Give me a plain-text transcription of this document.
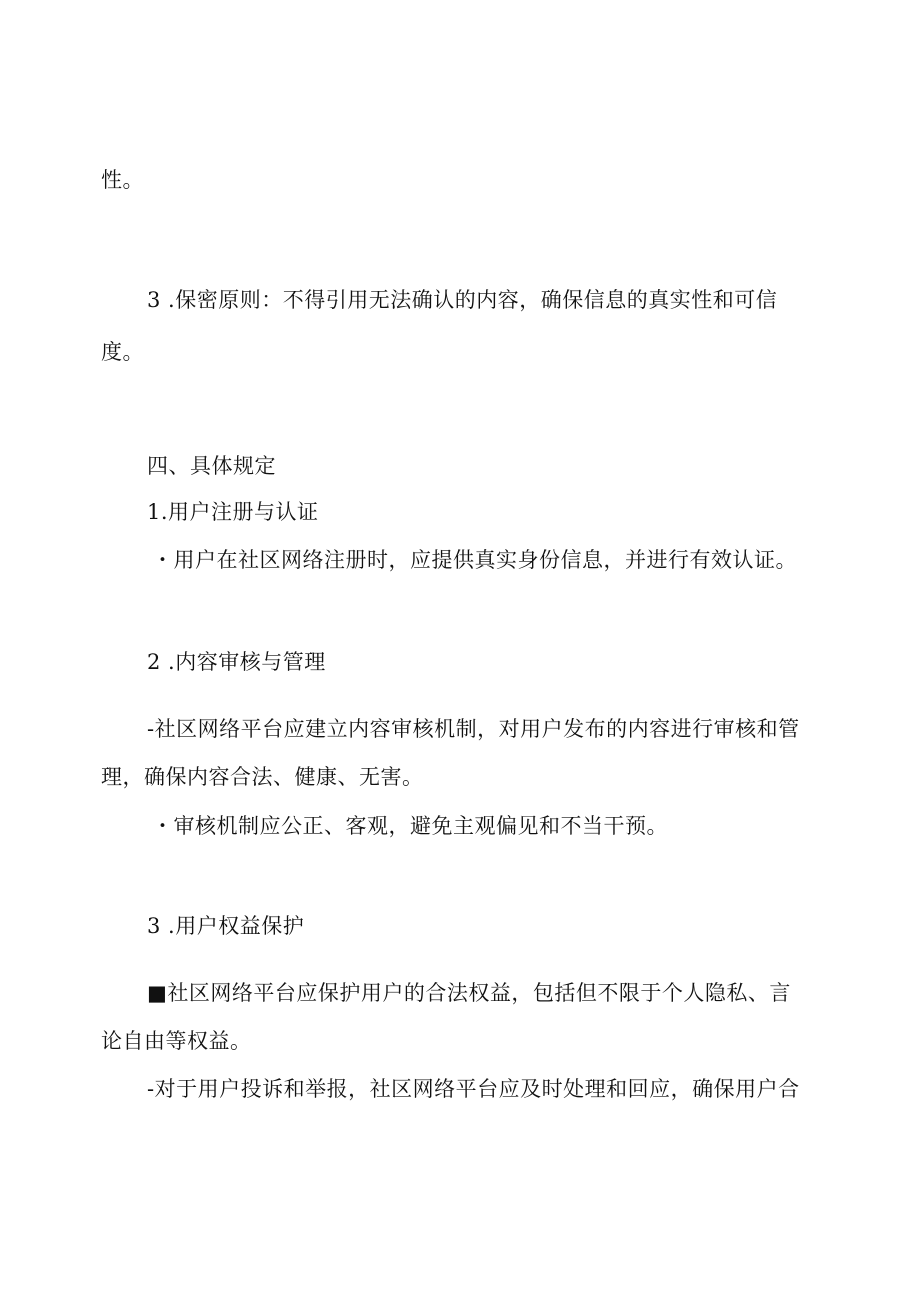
性。
3 .保密原则：不得引用无法确认的内容，确保信息的真实性和可信
度。
四、具体规定
1.用户注册与认证
・用户在社区网络注册时，应提供真实身份信息，并进行有效认证。
2 .内容审核与管理
-社区网络平台应建立内容审核机制，对用户发布的内容进行审核和管
理，确保内容合法、健康、无害。
・审核机制应公正、客观，避免主观偏见和不当干预。
3 .用户权益保护
■社区网络平台应保护用户的合法权益，包括但不限于个人隐私、言
论自由等权益。
-对于用户投诉和举报，社区网络平台应及时处理和回应，确保用户合
